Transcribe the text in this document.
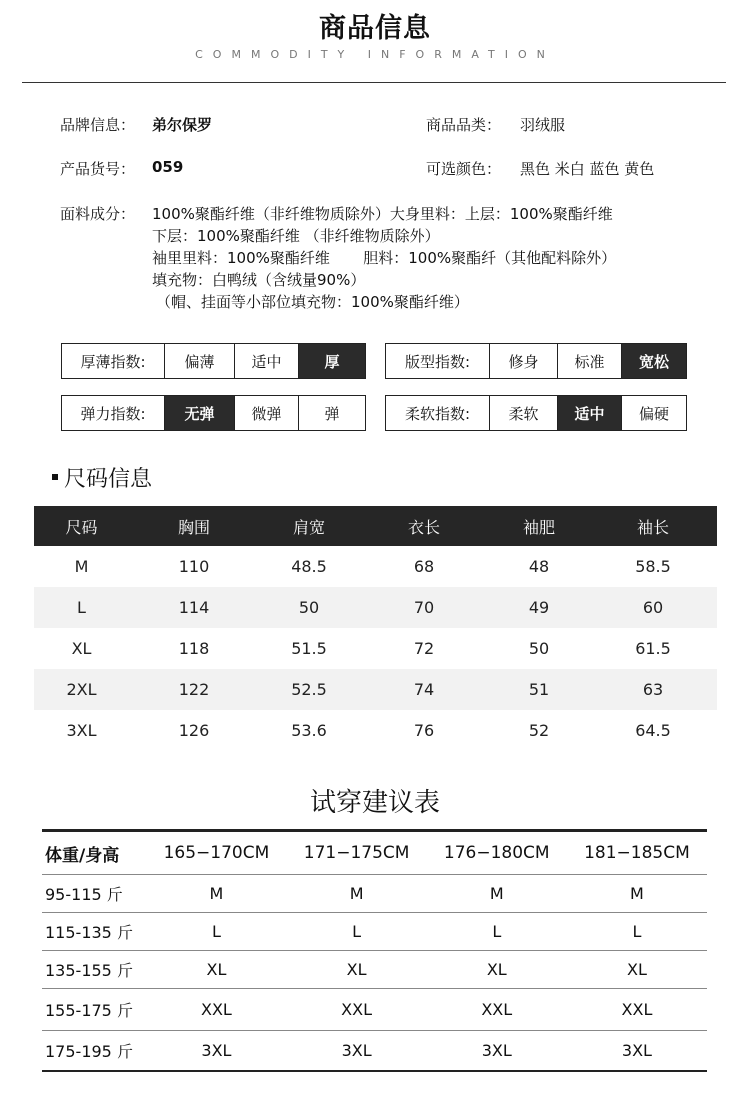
商品信息
COMMODITY INFORMATION
品牌信息： 弟尔保罗	商品品类： 羽绒服
产品货号： 059	可选颜色： 黑色 米白 蓝色 黄色
面料成分： 100%聚酯纤维（非纤维物质除外）大身里料：上层：100%聚酯纤维
下层：100%聚酯纤维 （非纤维物质除外）
袖里里料：100%聚酯纤维       胆料：100%聚酯纤（其他配料除外）
填充物：白鸭绒（含绒量90%）
（帽、挂面等小部位填充物：100%聚酯纤维）
厚薄指数:	偏薄	适中	厚	版型指数:	修身	标准	宽松
弹力指数:	无弹	微弹	弹	柔软指数:	柔软	适中	偏硬
尺码信息
尺码	胸围	肩宽	衣长	袖肥	袖长
M	110	48.5	68	48	58.5
L	114	50	70	49	60
XL	118	51.5	72	50	61.5
2XL	122	52.5	74	51	63
3XL	126	53.6	76	52	64.5
试穿建议表
体重/身高	165−170CM	171−175CM	176−180CM	181−185CM
95-115 斤	M	M	M	M
115-135 斤	L	L	L	L
135-155 斤	XL	XL	XL	XL
155-175 斤	XXL	XXL	XXL	XXL
175-195 斤	3XL	3XL	3XL	3XL
